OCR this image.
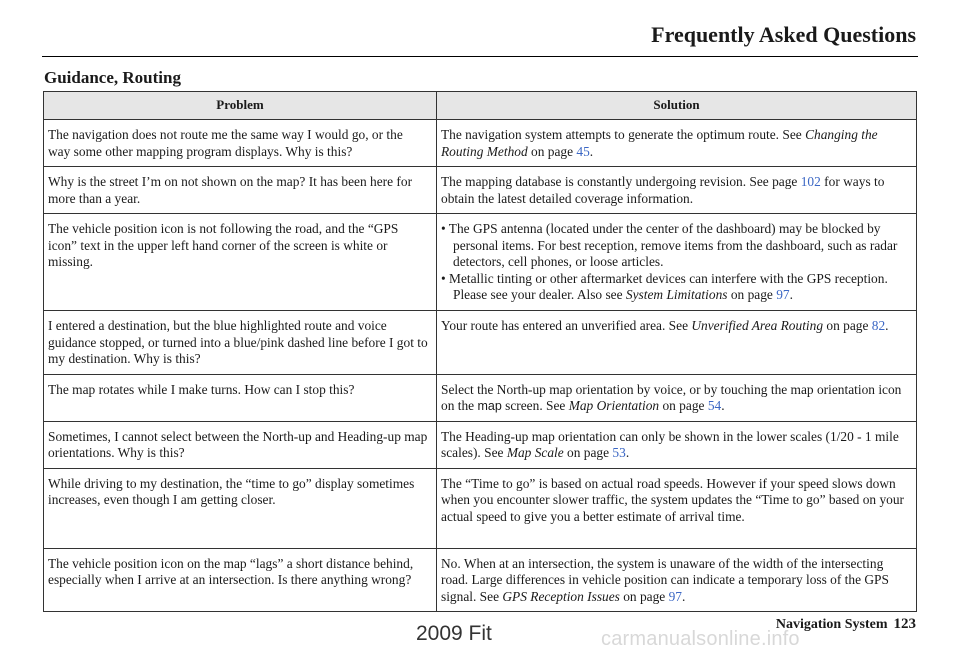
Frequently Asked Questions
Guidance, Routing
Problem	Solution
The navigation does not route me the same way I would go, or the way some other mapping program displays. Why is this?	The navigation system attempts to generate the optimum route. See Changing the Routing Method on page 45.
Why is the street I’m on not shown on the map? It has been here for more than a year.	The mapping database is constantly undergoing revision. See page 102 for ways to obtain the latest detailed coverage information.
The vehicle position icon is not following the road, and the “GPS icon” text in the upper left hand corner of the screen is white or missing.	• The GPS antenna (located under the center of the dashboard) may be blocked by personal items. For best reception, remove items from the dashboard, such as radar detectors, cell phones, or loose articles.
• Metallic tinting or other aftermarket devices can interfere with the GPS reception. Please see your dealer. Also see System Limitations on page 97.

I entered a destination, but the blue highlighted route and voice guidance stopped, or turned into a blue/pink dashed line before I got to my destination. Why is this?	Your route has entered an unverified area. See Unverified Area Routing on page 82.
The map rotates while I make turns. How can I stop this?	Select the North-up map orientation by voice, or by touching the map orientation icon on the map screen. See Map Orientation on page 54.
Sometimes, I cannot select between the North-up and Heading-up map orientations. Why is this?	The Heading-up map orientation can only be shown in the lower scales (1/20 - 1 mile scales). See Map Scale on page 53.
While driving to my destination, the “time to go” display sometimes increases, even though I am getting closer.	The “Time to go” is based on actual road speeds. However if your speed slows down when you encounter slower traffic, the system updates the “Time to go” based on your actual speed to give you a better estimate of arrival time.
The vehicle position icon on the map “lags” a short distance behind, especially when I arrive at an intersection. Is there anything wrong?	No. When at an intersection, the system is unaware of the width of the intersecting road. Large differences in vehicle position can indicate a temporary loss of the GPS signal. See GPS Reception Issues on page 97.
Navigation System 123
2009 Fit	carmanualsonline.info
